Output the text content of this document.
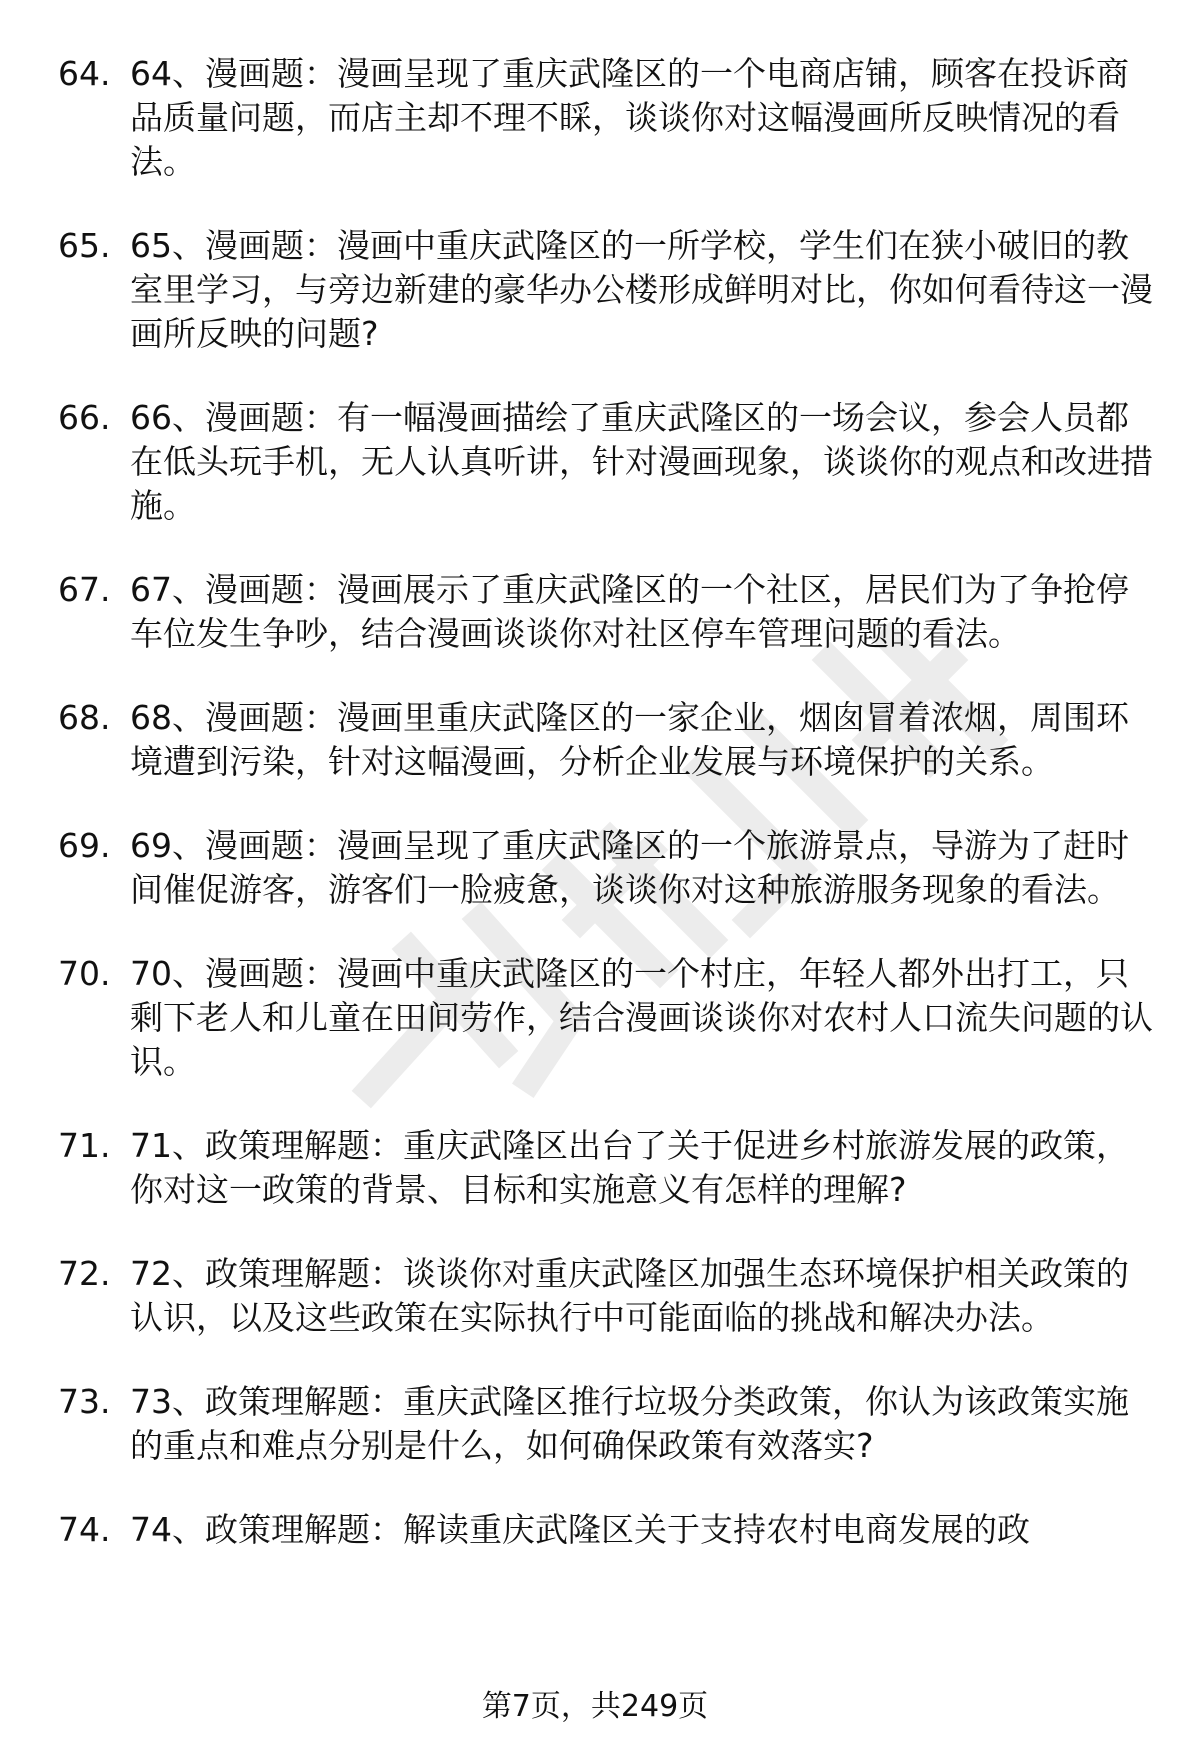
64. 64、漫画题：漫画呈现了重庆武隆区的一个电商店铺，顾客在投诉商品质量问题，而店主却不理不睬，谈谈你对这幅漫画所反映情况的看法。
65. 65、漫画题：漫画中重庆武隆区的一所学校，学生们在狭小破旧的教室里学习，与旁边新建的豪华办公楼形成鲜明对比，你如何看待这一漫画所反映的问题?
66. 66、漫画题：有一幅漫画描绘了重庆武隆区的一场会议，参会人员都在低头玩手机，无人认真听讲，针对漫画现象，谈谈你的观点和改进措施。
67. 67、漫画题：漫画展示了重庆武隆区的一个社区，居民们为了争抢停车位发生争吵，结合漫画谈谈你对社区停车管理问题的看法。
68. 68、漫画题：漫画里重庆武隆区的一家企业，烟囱冒着浓烟，周围环境遭到污染，针对这幅漫画，分析企业发展与环境保护的关系。
69. 69、漫画题：漫画呈现了重庆武隆区的一个旅游景点，导游为了赶时间催促游客，游客们一脸疲惫，谈谈你对这种旅游服务现象的看法。
70. 70、漫画题：漫画中重庆武隆区的一个村庄，年轻人都外出打工，只剩下老人和儿童在田间劳作，结合漫画谈谈你对农村人口流失问题的认识。
71. 71、政策理解题：重庆武隆区出台了关于促进乡村旅游发展的政策，你对这一政策的背景、目标和实施意义有怎样的理解?
72. 72、政策理解题：谈谈你对重庆武隆区加强生态环境保护相关政策的认识，以及这些政策在实际执行中可能面临的挑战和解决办法。
73. 73、政策理解题：重庆武隆区推行垃圾分类政策，你认为该政策实施的重点和难点分别是什么，如何确保政策有效落实?
74. 74、政策理解题：解读重庆武隆区关于支持农村电商发展的政
第7页，共249页
